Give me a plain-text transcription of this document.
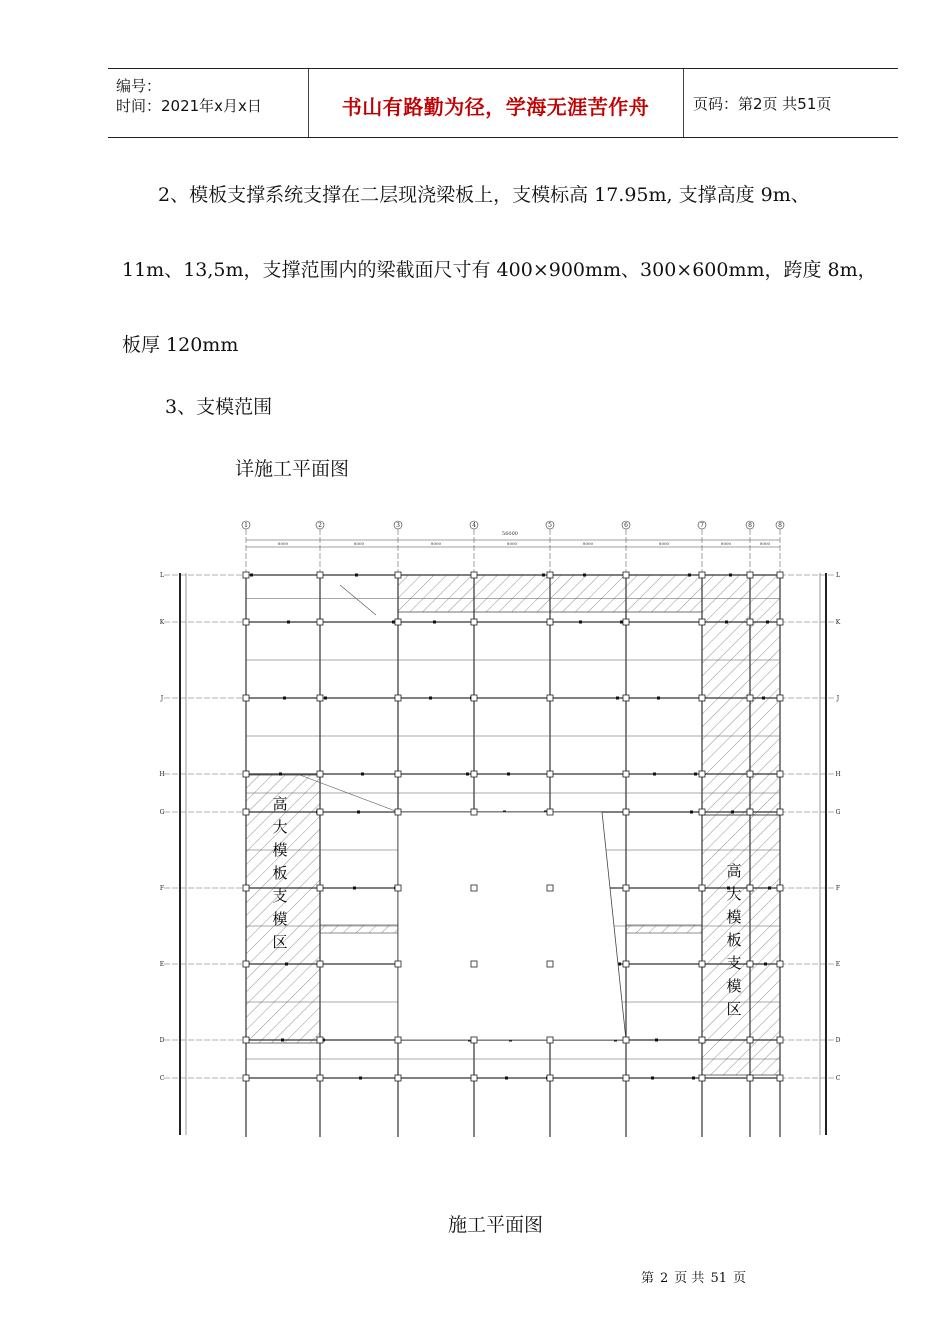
编号：
时间：2021年x月x日	书山有路勤为径，学海无涯苦作舟	页码：第2页 共51页
2、模板支撑系统支撑在二层现浇梁板上，支模标高 17.95m, 支撑高度 9m、
11m、13,5m，支撑范围内的梁截面尺寸有 400×900mm、300×600mm，跨度 8m，
板厚 120mm
3、支模范围
详施工平面图
56000
8000	8000	8000	8000	8000	8000	8000	8000
1	2	3	4	5	6	7	8	8
L	L
K	K
J	J
H	H
G	G
F	F
E	E
D	D
C	C
高
大
模
板
支
模
区
高
大
模
板
支
模
区
施工平面图
第 2 页 共 51 页
